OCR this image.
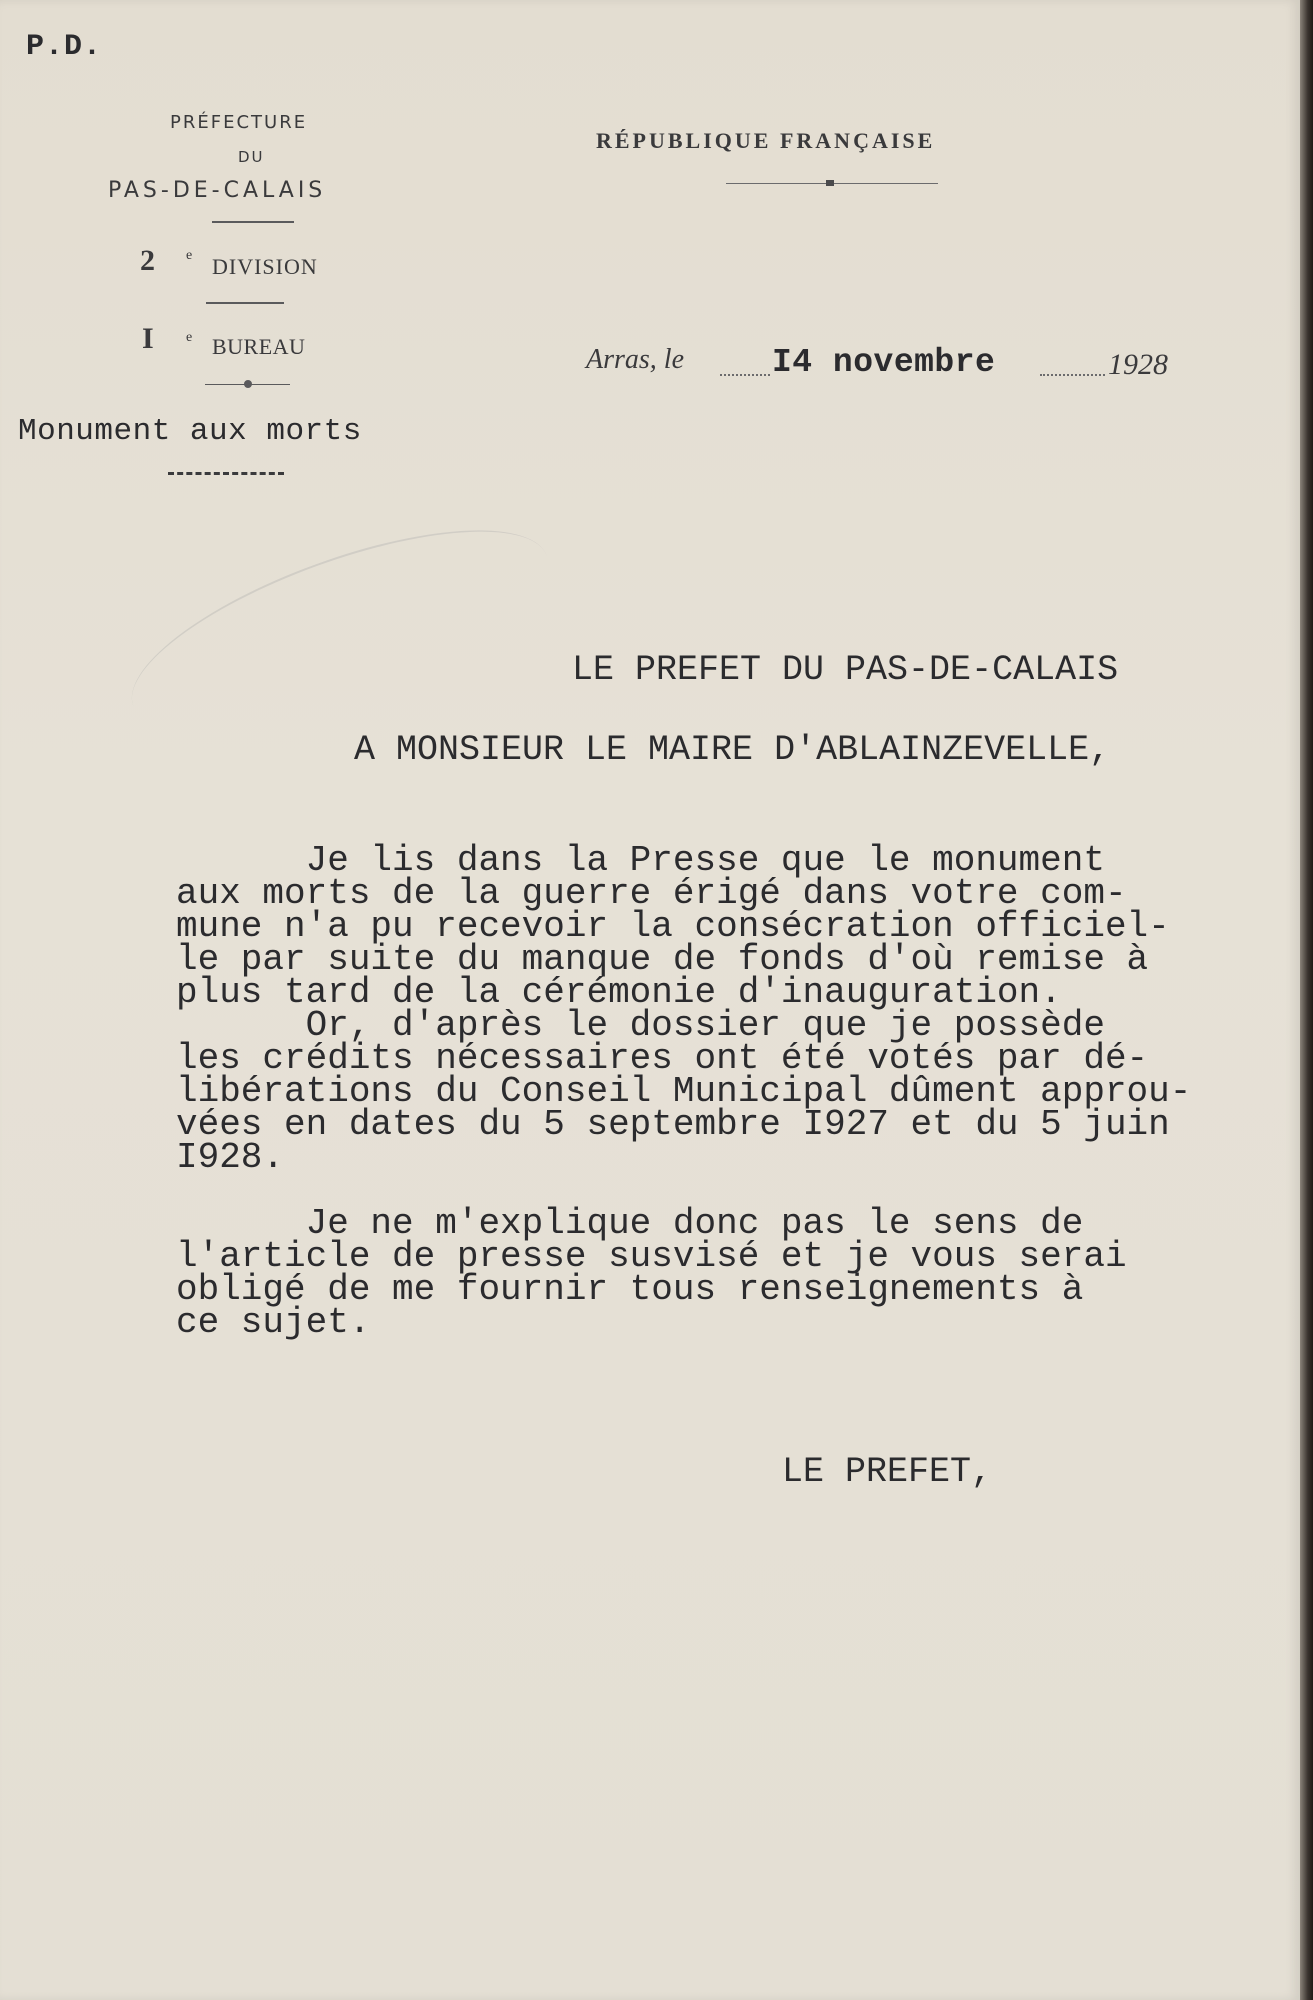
P.D.
PRÉFECTURE
DU
PAS-DE-CALAIS
2 e DIVISION
I e BUREAU
Monument aux morts
RÉPUBLIQUE FRANÇAISE
Arras, le	I4 novembre	1928
LE PREFET DU PAS-DE-CALAIS
A MONSIEUR LE MAIRE D'ABLAINZEVELLE,
Je lis dans la Presse que le monument
aux morts de la guerre érigé dans votre com-
mune n'a pu recevoir la consécration officiel-
le par suite du manque de fonds d'où remise à
plus tard de la cérémonie d'inauguration.
Or, d'après le dossier que je possède
les crédits nécessaires ont été votés par dé-
libérations du Conseil Municipal dûment approu-
vées en dates du 5 septembre I927 et du 5 juin
I928.

Je ne m'explique donc pas le sens de
l'article de presse susvisé et je vous serai
obligé de me fournir tous renseignements à
ce sujet.
LE PREFET,
